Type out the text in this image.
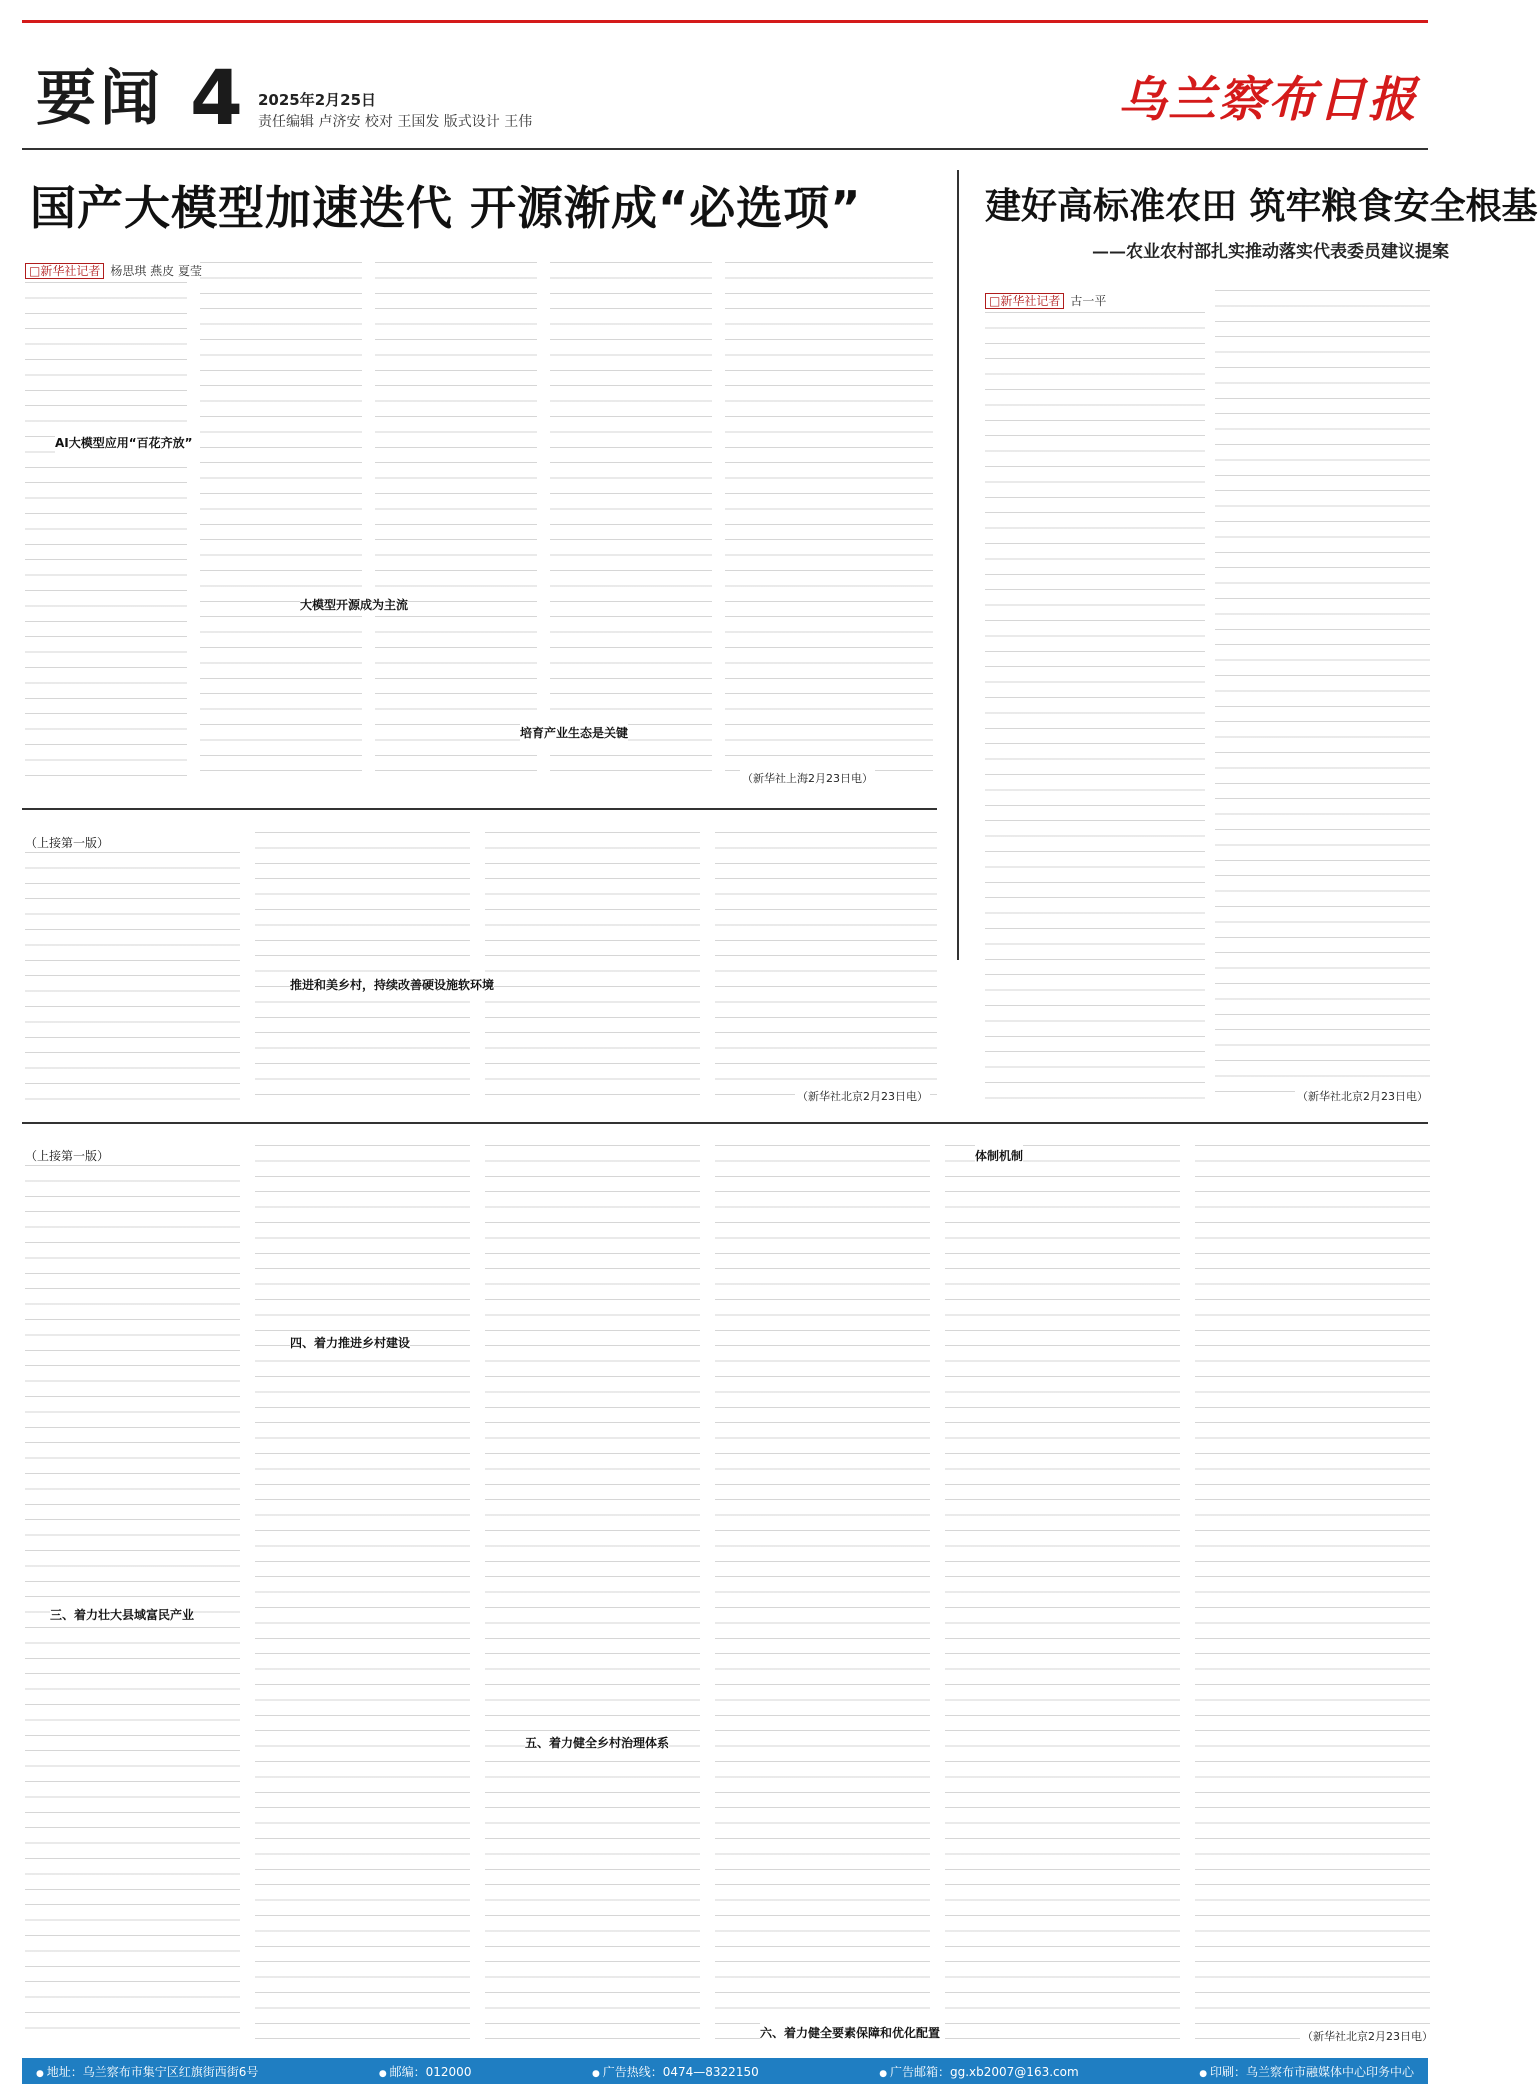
要闻 4 2025年2月25日
责任编辑 卢济安 校对 王国发 版式设计 王伟	乌兰察布日报
国产大模型加速迭代 开源渐成“必选项”
□新华社记者 杨思琪 燕皮 夏莹
AI大模型应用“百花齐放”
大模型开源成为主流
培育产业生态是关键
（新华社上海2月23日电）
建好高标准农田 筑牢粮食安全根基
——农业农村部扎实推动落实代表委员建议提案
□新华社记者 古一平
（新华社北京2月23日电）
（上接第一版）
推进和美乡村，持续改善硬设施软环境
（新华社北京2月23日电）
（上接第一版）
三、着力壮大县域富民产业
四、着力推进乡村建设
五、着力健全乡村治理体系
体制机制
六、着力健全要素保障和优化配置	（新华社北京2月23日电）
● 地址：乌兰察布市集宁区红旗街西街6号	● 邮编：012000	● 广告热线：0474—8322150	● 广告邮箱：gg.xb2007@163.com	● 印刷：乌兰察布市融媒体中心印务中心
